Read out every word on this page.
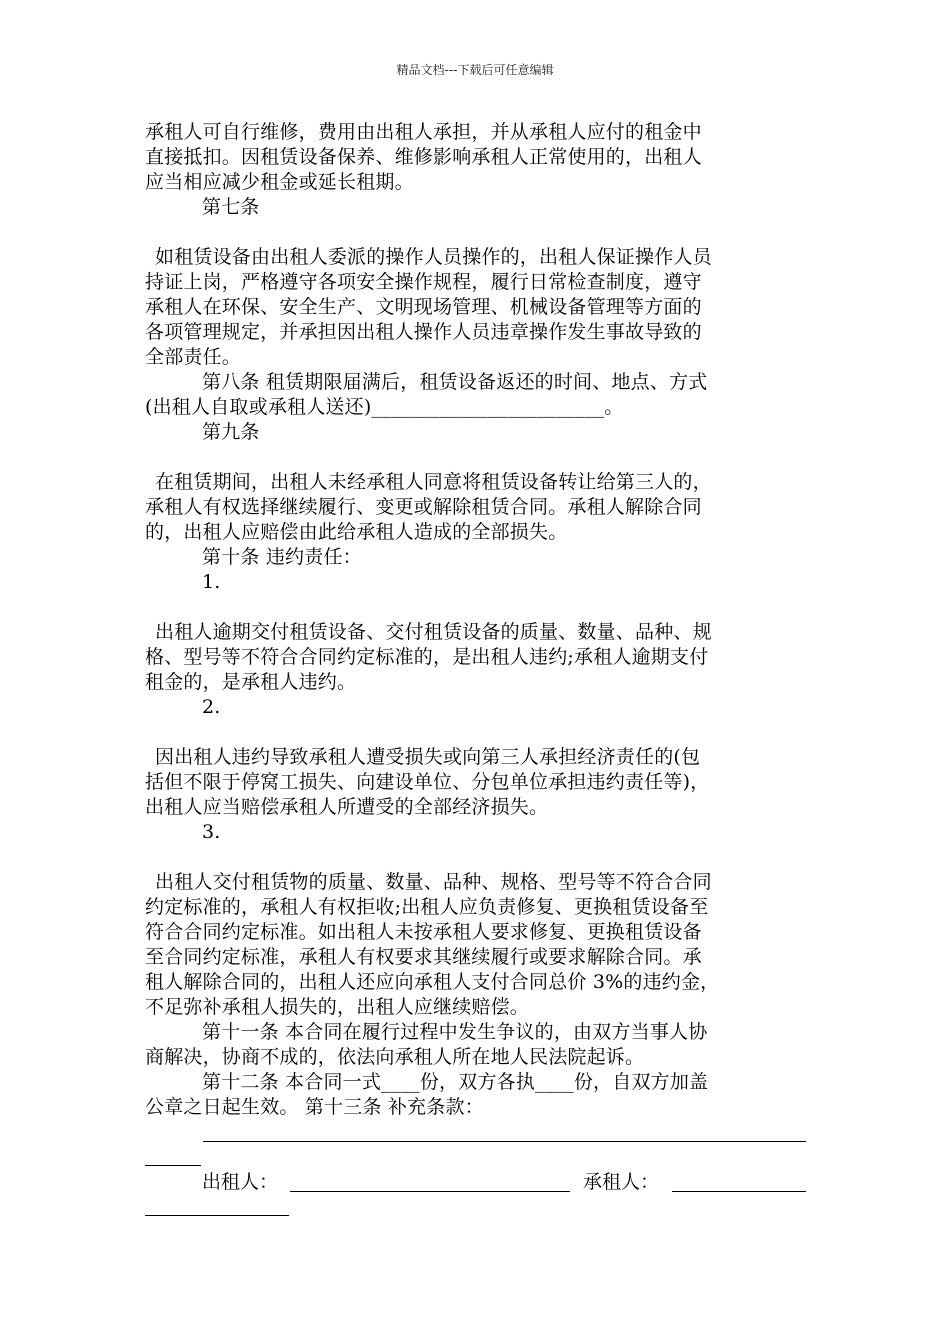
精品文档---下载后可任意编辑

承租人可自行维修，费用由出租人承担，并从承租人应付的租金中

直接抵扣。因租赁设备保养、维修影响承租人正常使用的，出租人

应当相应减少租金或延长租期。

第七条

如租赁设备由出租人委派的操作人员操作的，出租人保证操作人员

持证上岗，严格遵守各项安全操作规程，履行日常检查制度，遵守

承租人在环保、安全生产、文明现场管理、机械设备管理等方面的

各项管理规定，并承担因出租人操作人员违章操作发生事故导致的

全部责任。

第八条 租赁期限届满后，租赁设备返还的时间、地点、方式

(出租人自取或承租人送还)________________________。

第九条

在租赁期间，出租人未经承租人同意将租赁设备转让给第三人的，

承租人有权选择继续履行、变更或解除租赁合同。承租人解除合同

的，出租人应赔偿由此给承租人造成的全部损失。

第十条 违约责任：

1.

出租人逾期交付租赁设备、交付租赁设备的质量、数量、品种、规

格、型号等不符合合同约定标准的，是出租人违约;承租人逾期支付

租金的，是承租人违约。

2.

因出租人违约导致承租人遭受损失或向第三人承担经济责任的(包

括但不限于停窝工损失、向建设单位、分包单位承担违约责任等)，

出租人应当赔偿承租人所遭受的全部经济损失。

3.

出租人交付租赁物的质量、数量、品种、规格、型号等不符合合同

约定标准的，承租人有权拒收;出租人应负责修复、更换租赁设备至

符合合同约定标准。如出租人未按承租人要求修复、更换租赁设备

至合同约定标准，承租人有权要求其继续履行或要求解除合同。承

租人解除合同的，出租人还应向承租人支付合同总价 3%的违约金，

不足弥补承租人损失的，出租人应继续赔偿。

第十一条 本合同在履行过程中发生争议的，由双方当事人协

商解决，协商不成的，依法向承租人所在地人民法院起诉。

第十二条 本合同一式____份，双方各执____份，自双方加盖

公章之日起生效。 第十三条 补充条款：

出租人：	承租人：
